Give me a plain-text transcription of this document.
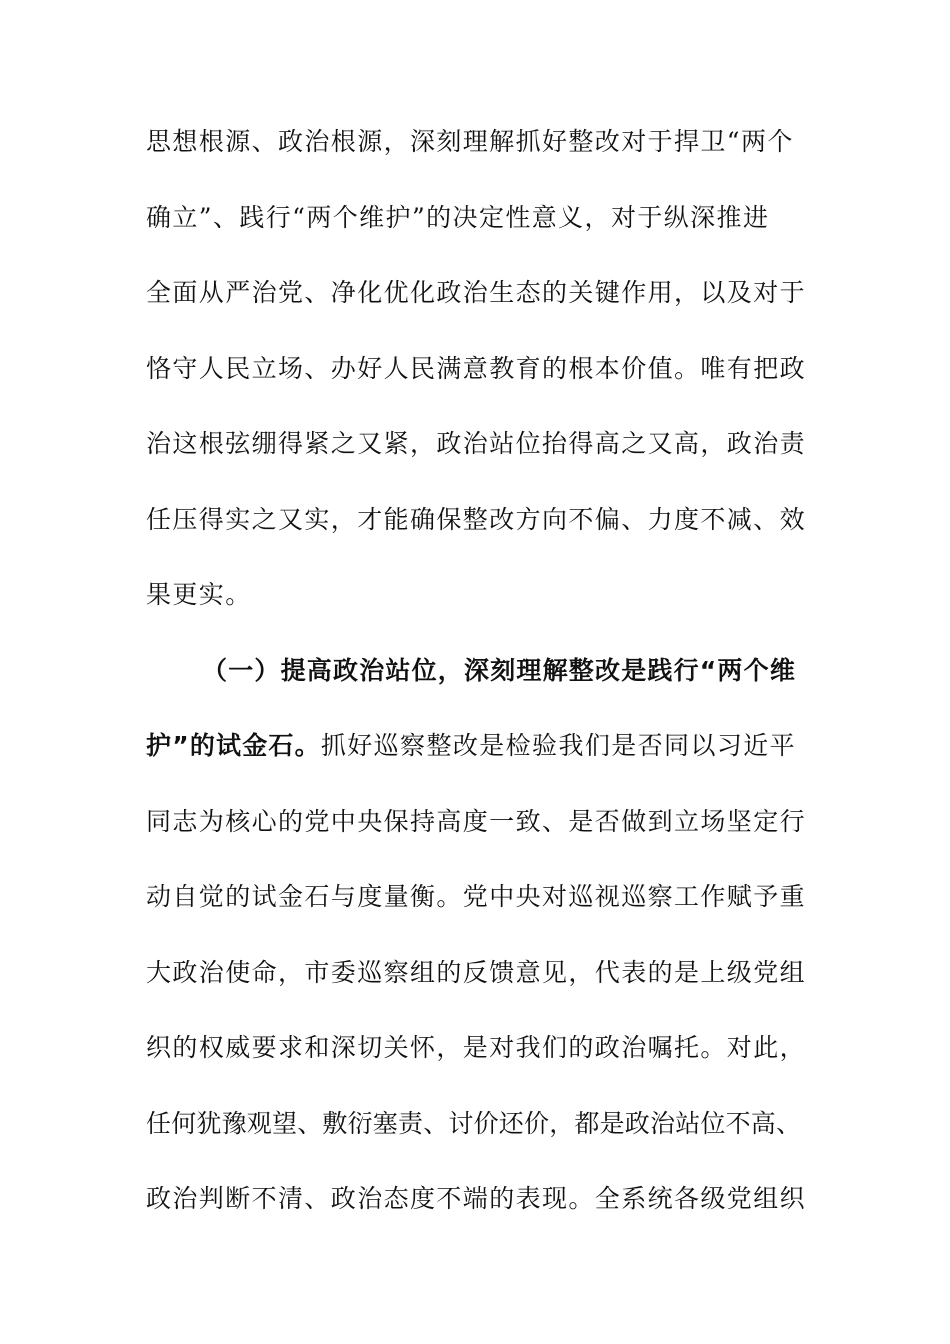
思想根源、政治根源，深刻理解抓好整改对于捍卫“两个
确立”、践行“两个维护”的决定性意义，对于纵深推进
全面从严治党、净化优化政治生态的关键作用，以及对于
恪守人民立场、办好人民满意教育的根本价值。唯有把政
治这根弦绷得紧之又紧，政治站位抬得高之又高，政治责
任压得实之又实，才能确保整改方向不偏、力度不减、效
果更实。
（一）提高政治站位，深刻理解整改是践行“两个维
护”的试金石。抓好巡察整改是检验我们是否同以习近平
同志为核心的党中央保持高度一致、是否做到立场坚定行
动自觉的试金石与度量衡。党中央对巡视巡察工作赋予重
大政治使命，市委巡察组的反馈意见，代表的是上级党组
织的权威要求和深切关怀，是对我们的政治嘱托。对此，
任何犹豫观望、敷衍塞责、讨价还价，都是政治站位不高、
政治判断不清、政治态度不端的表现。全系统各级党组织
